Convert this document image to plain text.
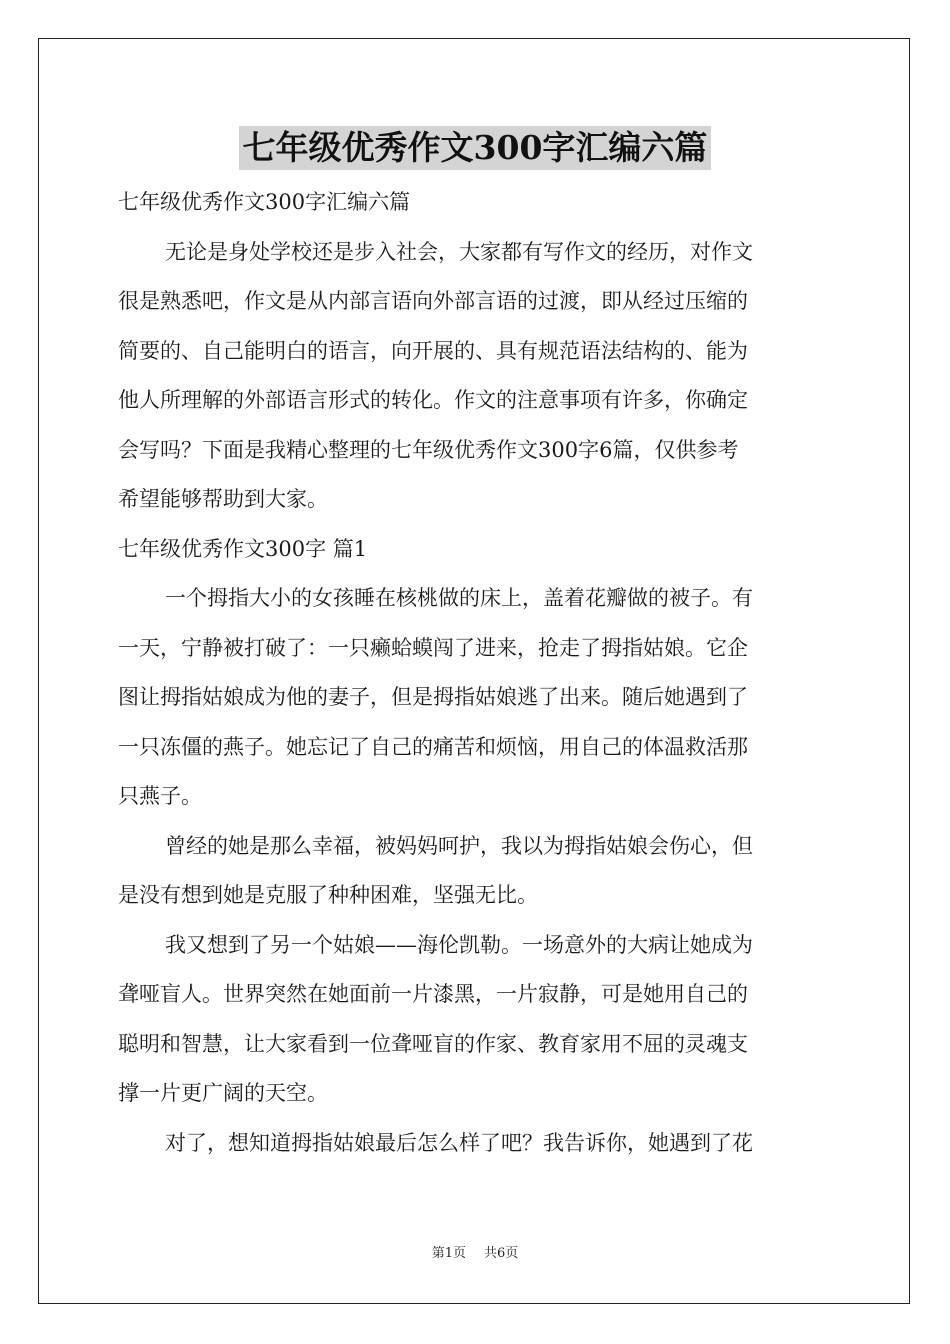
七年级优秀作文300字汇编六篇
七年级优秀作文300字汇编六篇
无论是身处学校还是步入社会，大家都有写作文的经历，对作文
很是熟悉吧，作文是从内部言语向外部言语的过渡，即从经过压缩的
简要的、自己能明白的语言，向开展的、具有规范语法结构的、能为
他人所理解的外部语言形式的转化。作文的注意事项有许多，你确定
会写吗？下面是我精心整理的七年级优秀作文300字6篇，仅供参考
希望能够帮助到大家。
七年级优秀作文300字 篇1
一个拇指大小的女孩睡在核桃做的床上，盖着花瓣做的被子。有
一天，宁静被打破了：一只癞蛤蟆闯了进来，抢走了拇指姑娘。它企
图让拇指姑娘成为他的妻子，但是拇指姑娘逃了出来。随后她遇到了
一只冻僵的燕子。她忘记了自己的痛苦和烦恼，用自己的体温救活那
只燕子。
曾经的她是那么幸福，被妈妈呵护，我以为拇指姑娘会伤心，但
是没有想到她是克服了种种困难，坚强无比。
我又想到了另一个姑娘——海伦凯勒。一场意外的大病让她成为
聋哑盲人。世界突然在她面前一片漆黑，一片寂静，可是她用自己的
聪明和智慧，让大家看到一位聋哑盲的作家、教育家用不屈的灵魂支
撑一片更广阔的天空。
对了，想知道拇指姑娘最后怎么样了吧？我告诉你，她遇到了花
第1页 共6页
